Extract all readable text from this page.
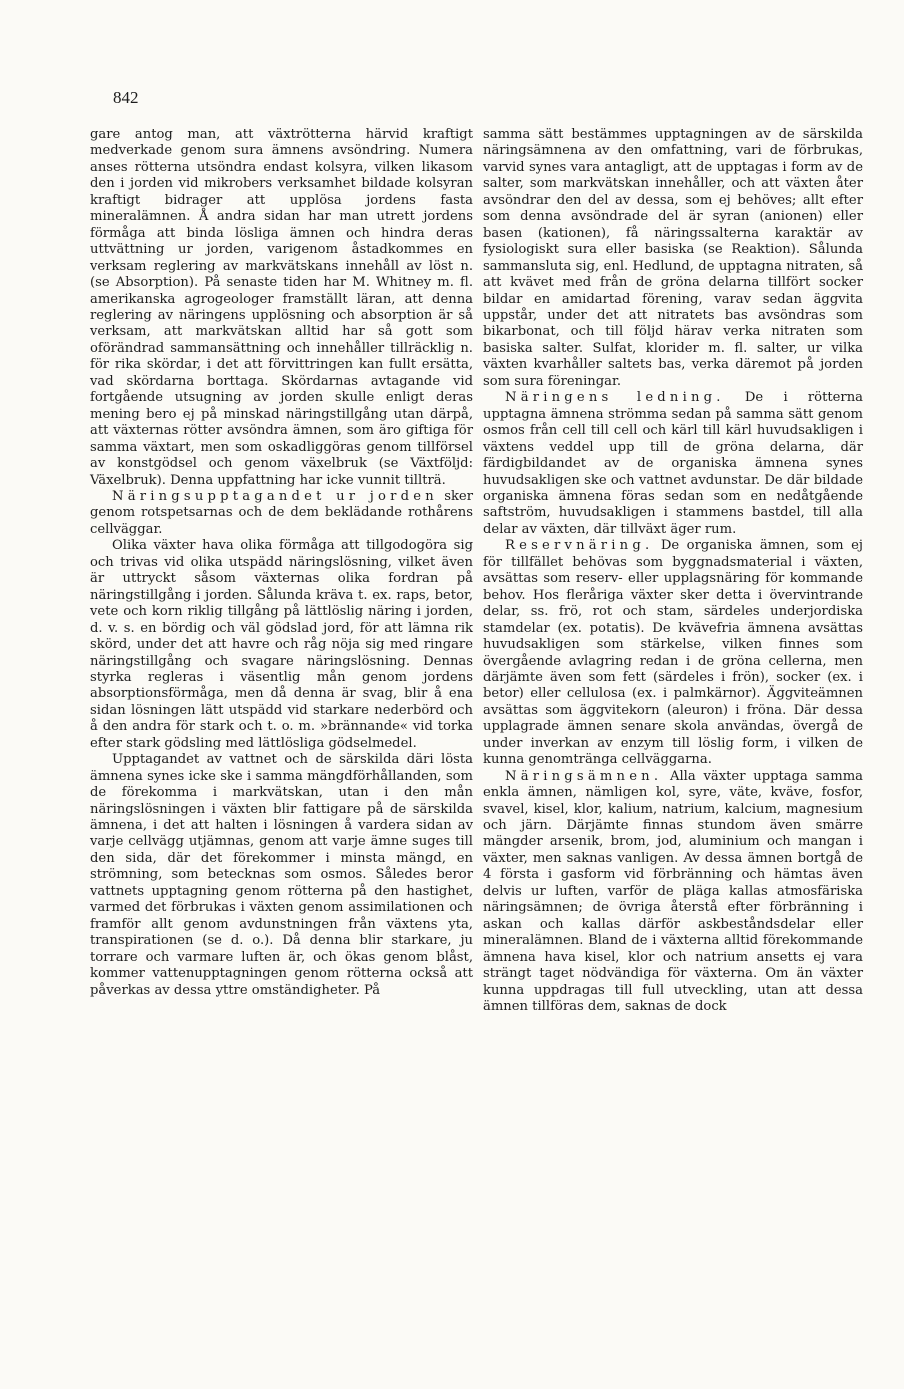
842

gare antog man, att växtrötterna härvid kraftigt medverkade genom sura ämnens avsöndring. Numera anses rötterna utsöndra endast kolsyra, vilken likasom den i jorden vid mikrobers verksamhet bildade kolsyran kraftigt bidrager att upplösa jordens fasta mineralämnen. Å andra sidan har man utrett jordens förmåga att binda lösliga ämnen och hindra deras uttvättning ur jorden, varigenom åstadkommes en verksam reglering av markvätskans innehåll av löst n. (se Absorption). På senaste tiden har M. Whitney m. fl. amerikanska agrogeologer framställt läran, att denna reglering av näringens upplösning och absorption är så verksam, att markvätskan alltid har så gott som oförändrad sammansättning och innehåller tillräcklig n. för rika skördar, i det att förvittringen kan fullt ersätta, vad skördarna borttaga. Skördarnas avtagande vid fortgående utsugning av jorden skulle enligt deras mening bero ej på minskad näringstillgång utan därpå, att växternas rötter avsöndra ämnen, som äro giftiga för samma växtart, men som oskadliggöras genom tillförsel av konstgödsel och genom växelbruk (se Växtföljd: Växelbruk). Denna uppfattning har icke vunnit tillträ.

Näringsupptagandet ur jorden sker genom rotspetsarnas och de dem beklädande rothårens cellväggar.

Olika växter hava olika förmåga att tillgodogöra sig och trivas vid olika utspädd näringslösning, vilket även är uttryckt såsom växternas olika fordran på näringstillgång i jorden. Sålunda kräva t. ex. raps, betor, vete och korn riklig tillgång på lättlöslig näring i jorden, d. v. s. en bördig och väl gödslad jord, för att lämna rik skörd, under det att havre och råg nöja sig med ringare näringstillgång och svagare näringslösning. Dennas styrka regleras i väsentlig mån genom jordens absorptionsförmåga, men då denna är svag, blir å ena sidan lösningen lätt utspädd vid starkare nederbörd och å den andra för stark och t. o. m. »brännande« vid torka efter stark gödsling med lättlösliga gödselmedel.

Upptagandet av vattnet och de särskilda däri lösta ämnena synes icke ske i samma mängdförhållanden, som de förekomma i markvätskan, utan i den mån näringslösningen i växten blir fattigare på de särskilda ämnena, i det att halten i lösningen å vardera sidan av varje cellvägg utjämnas, genom att varje ämne suges till den sida, där det förekommer i minsta mängd, en strömning, som betecknas som osmos. Således beror vattnets upptagning genom rötterna på den hastighet, varmed det förbrukas i växten genom assimilationen och framför allt genom avdunstningen från växtens yta, transpirationen (se d. o.). Då denna blir starkare, ju torrare och varmare luften är, och ökas genom blåst, kommer vattenupptagningen genom rötterna också att påverkas av dessa yttre omständigheter. På

samma sätt bestämmes upptagningen av de särskilda näringsämnena av den omfattning, vari de förbrukas, varvid synes vara antagligt, att de upptagas i form av de salter, som markvätskan innehåller, och att växten åter avsöndrar den del av dessa, som ej behöves; allt efter som denna avsöndrade del är syran (anionen) eller basen (kationen), få näringssalterna karaktär av fysiologiskt sura eller basiska (se Reaktion). Sålunda sammansluta sig, enl. Hedlund, de upptagna nitraten, så att kvävet med från de gröna delarna tillfört socker bildar en amidartad förening, varav sedan äggvita uppstår, under det att nitratets bas avsöndras som bikarbonat, och till följd härav verka nitraten som basiska salter. Sulfat, klorider m. fl. salter, ur vilka växten kvarhåller saltets bas, verka däremot på jorden som sura föreningar.

Näringens ledning. De i rötterna upptagna ämnena strömma sedan på samma sätt genom osmos från cell till cell och kärl till kärl huvudsakligen i växtens veddel upp till de gröna delarna, där färdigbildandet av de organiska ämnena synes huvudsakligen ske och vattnet avdunstar. De där bildade organiska ämnena föras sedan som en nedåtgående saftström, huvudsakligen i stammens bastdel, till alla delar av växten, där tillväxt äger rum.

Reservnäring. De organiska ämnen, som ej för tillfället behövas som byggnadsmaterial i växten, avsättas som reserv- eller upplagsnäring för kommande behov. Hos fleråriga växter sker detta i övervintrande delar, ss. frö, rot och stam, särdeles underjordiska stamdelar (ex. potatis). De kvävefria ämnena avsättas huvudsakligen som stärkelse, vilken finnes som övergående avlagring redan i de gröna cellerna, men därjämte även som fett (särdeles i frön), socker (ex. i betor) eller cellulosa (ex. i palmkärnor). Äggviteämnen avsättas som äggvitekorn (aleuron) i fröna. Där dessa upplagrade ämnen senare skola användas, övergå de under inverkan av enzym till löslig form, i vilken de kunna genomtränga cellväggarna.

Näringsämnen. Alla växter upptaga samma enkla ämnen, nämligen kol, syre, väte, kväve, fosfor, svavel, kisel, klor, kalium, natrium, kalcium, magnesium och järn. Därjämte finnas stundom även smärre mängder arsenik, brom, jod, aluminium och mangan i växter, men saknas vanligen. Av dessa ämnen bortgå de 4 första i gasform vid förbränning och hämtas även delvis ur luften, varför de pläga kallas atmosfäriska näringsämnen; de övriga återstå efter förbränning i askan och kallas därför askbeståndsdelar eller mineralämnen. Bland de i växterna alltid förekommande ämnena hava kisel, klor och natrium ansetts ej vara strängt taget nödvändiga för växterna. Om än växter kunna uppdragas till full utveckling, utan att dessa ämnen tillföras dem, saknas de dock
